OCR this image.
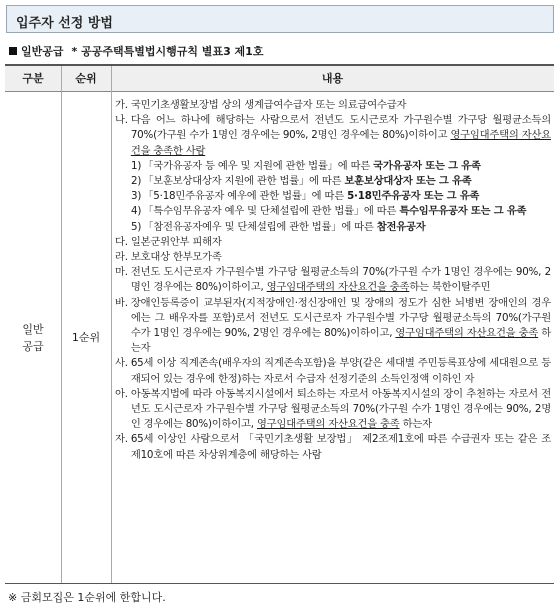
입주자 선정 방법
일반공급 * 공공주택특별법시행규칙 별표3 제1호
구분	순위	내용
일반
공급
1순위
가. 국민기초생활보장법 상의 생계급여수급자 또는 의료급여수급자
나. 다음 어느 하나에 해당하는 사람으로서 전년도 도시근로자 가구원수별 가구당 월평균소득의 70%(가구원 수가 1명인 경우에는 90%, 2명인 경우에는 80%)이하이고 영구임대주택의 자산요건을 충족한 사람
1) 「국가유공자 등 예우 및 지원에 관한 법률」에 따른 국가유공자 또는 그 유족
2) 「보훈보상대상자 지원에 관한 법률」에 따른 보훈보상대상자 또는 그 유족
3) 「5·18민주유공자 예우에 관한 법률」에 따른 5·18민주유공자 또는 그 유족
4) 「특수임무유공자 예우 및 단체설립에 관한 법률」에 따른 특수임무유공자 또는 그 유족
5) 「참전유공자예우 및 단체설립에 관한 법률」에 따른 참전유공자
다. 일본군위안부 피해자
라. 보호대상 한부모가족
마. 전년도 도시근로자 가구원수별 가구당 월평균소득의 70%(가구원 수가 1명인 경우에는 90%, 2명인 경우에는 80%)이하이고, 영구임대주택의 자산요건을 충족하는 북한이탈주민
바. 장애인등록증이 교부된자(지적장애인·정신장애인 및 장애의 정도가 심한 뇌병변 장애인의 경우에는 그 배우자를 포함)로서 전년도 도시근로자 가구원수별 가구당 월평균소득의 70%(가구원 수가 1명인 경우에는 90%, 2명인 경우에는 80%)이하이고, 영구임대주택의 자산요건을 충족 하는자
사. 65세 이상 직계존속(배우자의 직계존속포함)을 부양(같은 세대별 주민등록표상에 세대원으로 등재되어 있는 경우에 한정)하는 자로서 수급자 선정기준의 소득인정액 이하인 자
아. 아동복지법에 따라 아동복지시설에서 퇴소하는 자로서 아동복지시설의 장이 추천하는 자로서 전년도 도시근로자 가구원수별 가구당 월평균소득의 70%(가구원 수가 1명인 경우에는 90%, 2명인 경우에는 80%)이하이고, 영구임대주택의 자산요건을 충족 하는자
자. 65세 이상인 사람으로서 「국민기초생활 보장법」 제2조제1호에 따른 수급권자 또는 같은 조 제10호에 따른 차상위계층에 해당하는 사람
※ 금회모집은 1순위에 한합니다.
